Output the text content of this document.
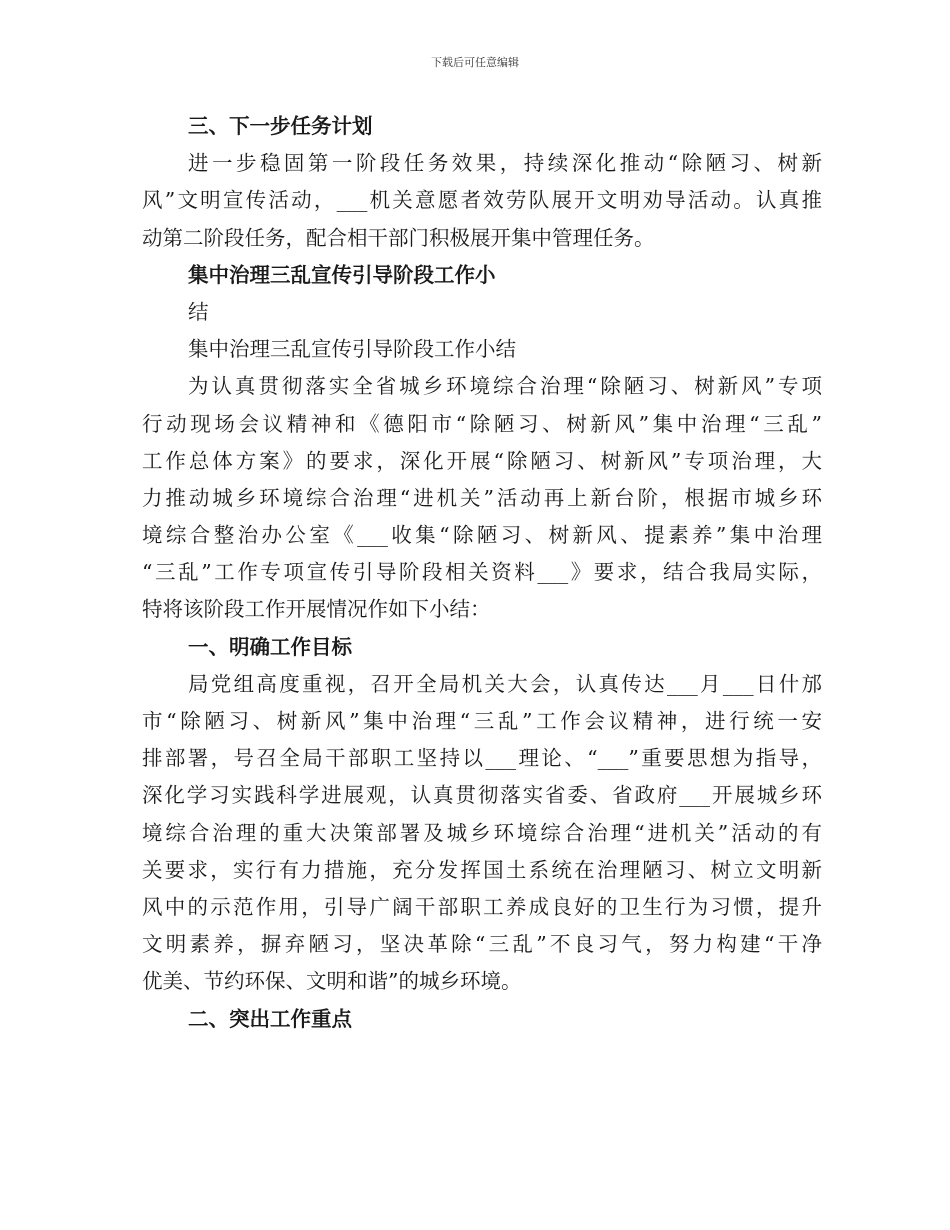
下载后可任意编辑
三、下一步任务计划
进一步稳固第一阶段任务效果，持续深化推动“除陋习、树新
风”文明宣传活动，___机关意愿者效劳队展开文明劝导活动。认真推
动第二阶段任务，配合相干部门积极展开集中管理任务。
集中治理三乱宣传引导阶段工作小
结
集中治理三乱宣传引导阶段工作小结
为认真贯彻落实全省城乡环境综合治理“除陋习、树新风”专项
行动现场会议精神和《德阳市“除陋习、树新风”集中治理“三乱”
工作总体方案》的要求，深化开展“除陋习、树新风”专项治理，大
力推动城乡环境综合治理“进机关”活动再上新台阶，根据市城乡环
境综合整治办公室《___收集“除陋习、树新风、提素养”集中治理
“三乱”工作专项宣传引导阶段相关资料___》要求，结合我局实际，
特将该阶段工作开展情况作如下小结：
一、明确工作目标
局党组高度重视，召开全局机关大会，认真传达___月___日什邡
市“除陋习、树新风”集中治理“三乱”工作会议精神，进行统一安
排部署，号召全局干部职工坚持以___理论、“___”重要思想为指导，
深化学习实践科学进展观，认真贯彻落实省委、省政府___开展城乡环
境综合治理的重大决策部署及城乡环境综合治理“进机关”活动的有
关要求，实行有力措施，充分发挥国土系统在治理陋习、树立文明新
风中的示范作用，引导广阔干部职工养成良好的卫生行为习惯，提升
文明素养，摒弃陋习，坚决革除“三乱”不良习气，努力构建“干净
优美、节约环保、文明和谐”的城乡环境。
二、突出工作重点
